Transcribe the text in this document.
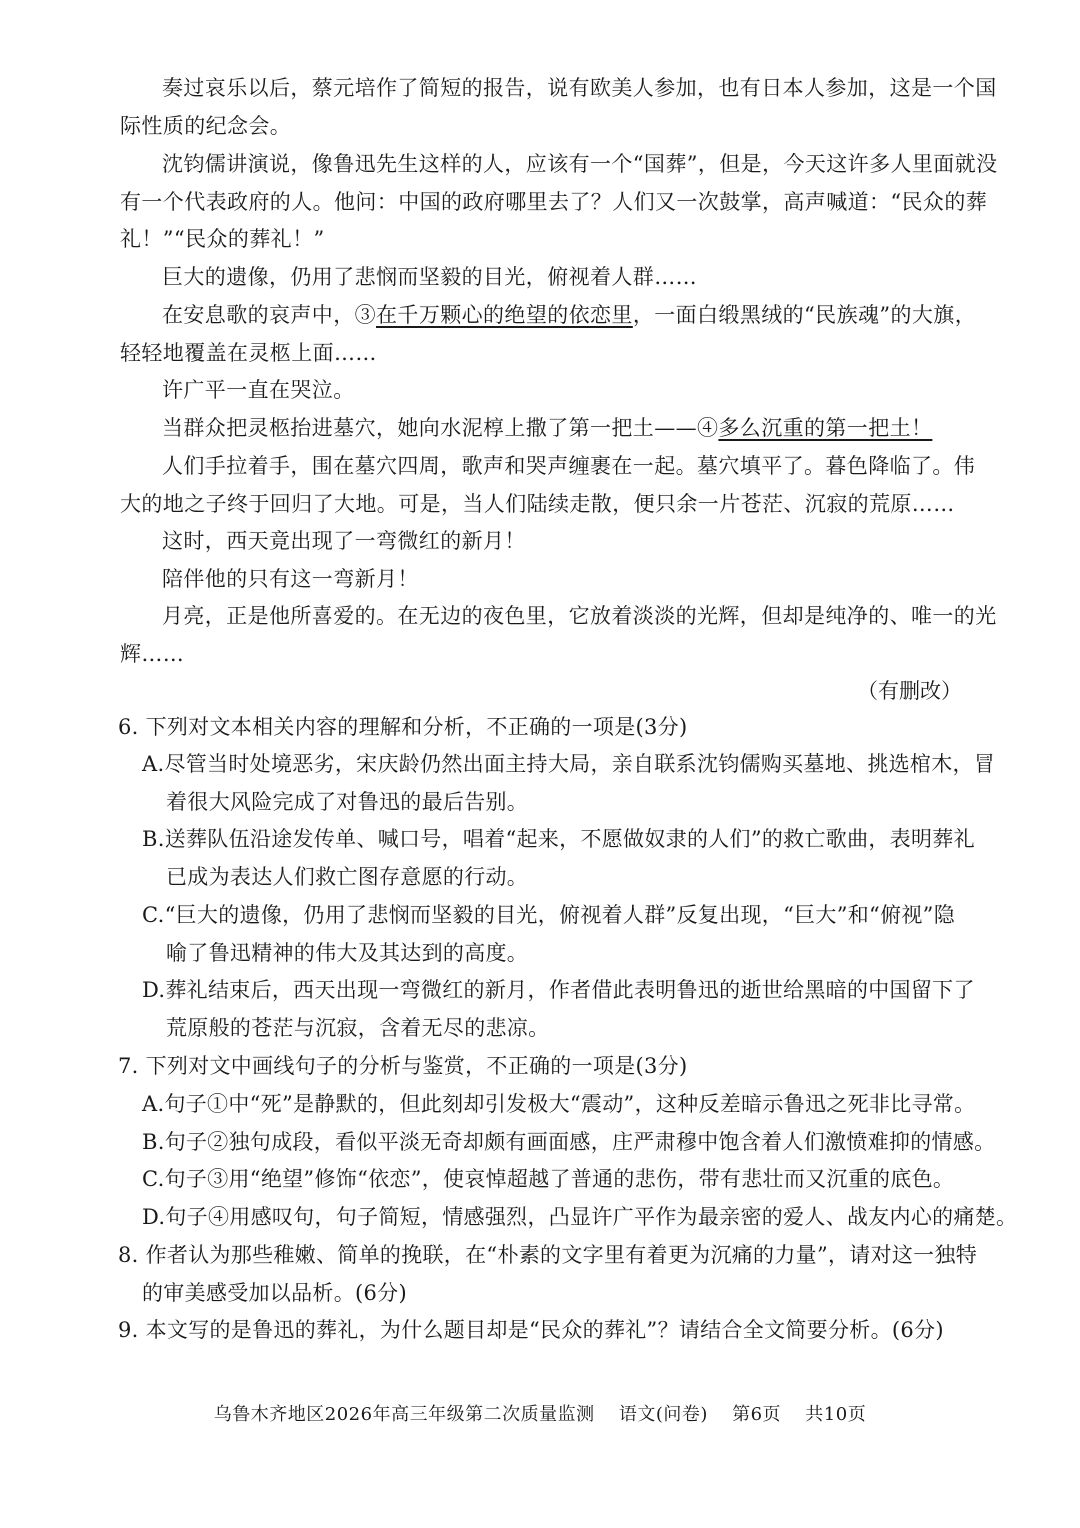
奏过哀乐以后，蔡元培作了简短的报告，说有欧美人参加，也有日本人参加，这是一个国
际性质的纪念会。
沈钧儒讲演说，像鲁迅先生这样的人，应该有一个“国葬”，但是，今天这许多人里面就没
有一个代表政府的人。他问：中国的政府哪里去了？人们又一次鼓掌，高声喊道：“民众的葬
礼！”“民众的葬礼！”
巨大的遗像，仍用了悲悯而坚毅的目光，俯视着人群……
在安息歌的哀声中，③在千万颗心的绝望的依恋里，一面白缎黑绒的“民族魂”的大旗，
轻轻地覆盖在灵柩上面……
许广平一直在哭泣。
当群众把灵柩抬进墓穴，她向水泥椁上撒了第一把土——④多么沉重的第一把土！
人们手拉着手，围在墓穴四周，歌声和哭声缠裹在一起。墓穴填平了。暮色降临了。伟
大的地之子终于回归了大地。可是，当人们陆续走散，便只余一片苍茫、沉寂的荒原……
这时，西天竟出现了一弯微红的新月！
陪伴他的只有这一弯新月！
月亮，正是他所喜爱的。在无边的夜色里，它放着淡淡的光辉，但却是纯净的、唯一的光
辉……
（有删改）
6. 下列对文本相关内容的理解和分析，不正确的一项是(3分)
A.尽管当时处境恶劣，宋庆龄仍然出面主持大局，亲自联系沈钧儒购买墓地、挑选棺木，冒
着很大风险完成了对鲁迅的最后告别。
B.送葬队伍沿途发传单、喊口号，唱着“起来，不愿做奴隶的人们”的救亡歌曲，表明葬礼
已成为表达人们救亡图存意愿的行动。
C.“巨大的遗像，仍用了悲悯而坚毅的目光，俯视着人群”反复出现，“巨大”和“俯视”隐
喻了鲁迅精神的伟大及其达到的高度。
D.葬礼结束后，西天出现一弯微红的新月，作者借此表明鲁迅的逝世给黑暗的中国留下了
荒原般的苍茫与沉寂，含着无尽的悲凉。
7. 下列对文中画线句子的分析与鉴赏，不正确的一项是(3分)
A.句子①中“死”是静默的，但此刻却引发极大“震动”，这种反差暗示鲁迅之死非比寻常。
B.句子②独句成段，看似平淡无奇却颇有画面感，庄严肃穆中饱含着人们激愤难抑的情感。
C.句子③用“绝望”修饰“依恋”，使哀悼超越了普通的悲伤，带有悲壮而又沉重的底色。
D.句子④用感叹句，句子简短，情感强烈，凸显许广平作为最亲密的爱人、战友内心的痛楚。
8. 作者认为那些稚嫩、简单的挽联，在“朴素的文字里有着更为沉痛的力量”，请对这一独特
的审美感受加以品析。(6分)
9. 本文写的是鲁迅的葬礼，为什么题目却是“民众的葬礼”？请结合全文简要分析。(6分)
乌鲁木齐地区2026年高三年级第二次质量监测 语文(问卷) 第6页 共10页
